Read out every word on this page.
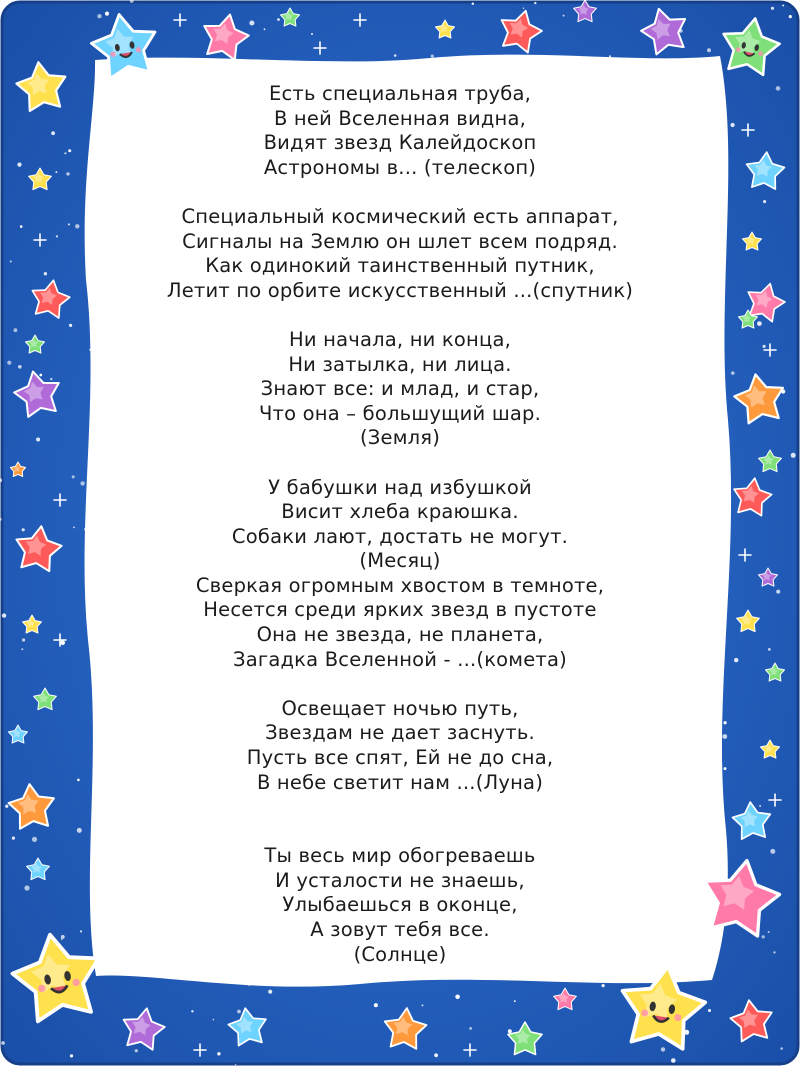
Есть специальная труба,
В ней Вселенная видна,
Видят звезд Калейдоскоп
Астрономы в... (телескоп)
Специальный космический есть аппарат,
Сигналы на Землю он шлет всем подряд.
Как одинокий таинственный путник,
Летит по орбите искусственный ...(спутник)
Ни начала, ни конца,
Ни затылка, ни лица.
Знают все: и млад, и стар,
Что она – большущий шар.
(Земля)
У бабушки над избушкой
Висит хлеба краюшка.
Собаки лают, достать не могут.
(Месяц)
Сверкая огромным хвостом в темноте,
Несется среди ярких звезд в пустоте
Она не звезда, не планета,
Загадка Вселенной - ...(комета)
Освещает ночью путь,
Звездам не дает заснуть.
Пусть все спят, Ей не до сна,
В небе светит нам ...(Луна)
Ты весь мир обогреваешь
И усталости не знаешь,
Улыбаешься в оконце,
А зовут тебя все.
(Солнце)
